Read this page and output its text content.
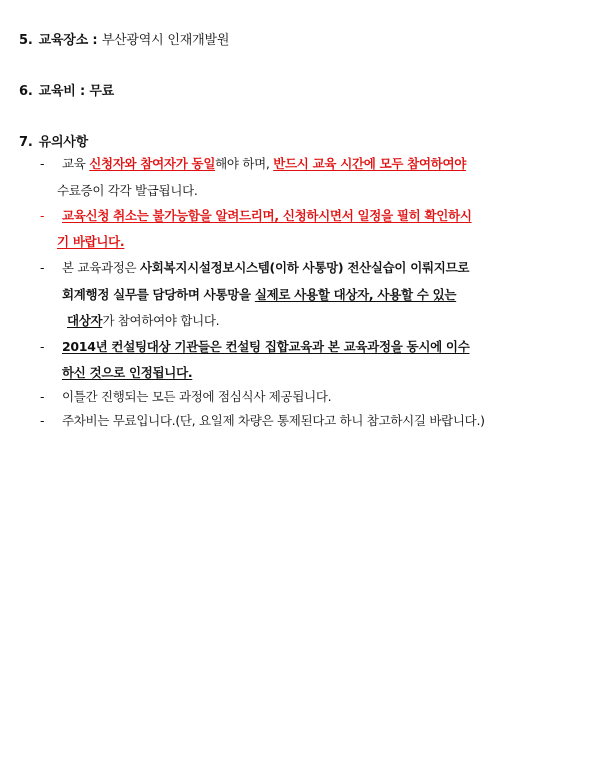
5. 교육장소 : 부산광역시 인재개발원
6. 교육비 : 무료
7. 유의사항
-	교육 신청자와 참여자가 동일해야 하며, 반드시 교육 시간에 모두 참여하여야
수료증이 각각 발급됩니다.
-	교육신청 취소는 불가능함을 알려드리며, 신청하시면서 일정을 필히 확인하시
기 바랍니다.
-	본 교육과정은 사회복지시설정보시스템(이하 사통망) 전산실습이 이뤄지므로
회계행정 실무를 담당하며 사통망을 실제로 사용할 대상자, 사용할 수 있는
대상자가 참여하여야 합니다.
-	2014년 컨설팅대상 기관들은 컨설팅 집합교육과 본 교육과정을 동시에 이수
하신 것으로 인정됩니다.
-	이틀간 진행되는 모든 과정에 점심식사 제공됩니다.
-	주차비는 무료입니다.(단, 요일제 차량은 통제된다고 하니 참고하시길 바랍니다.)
